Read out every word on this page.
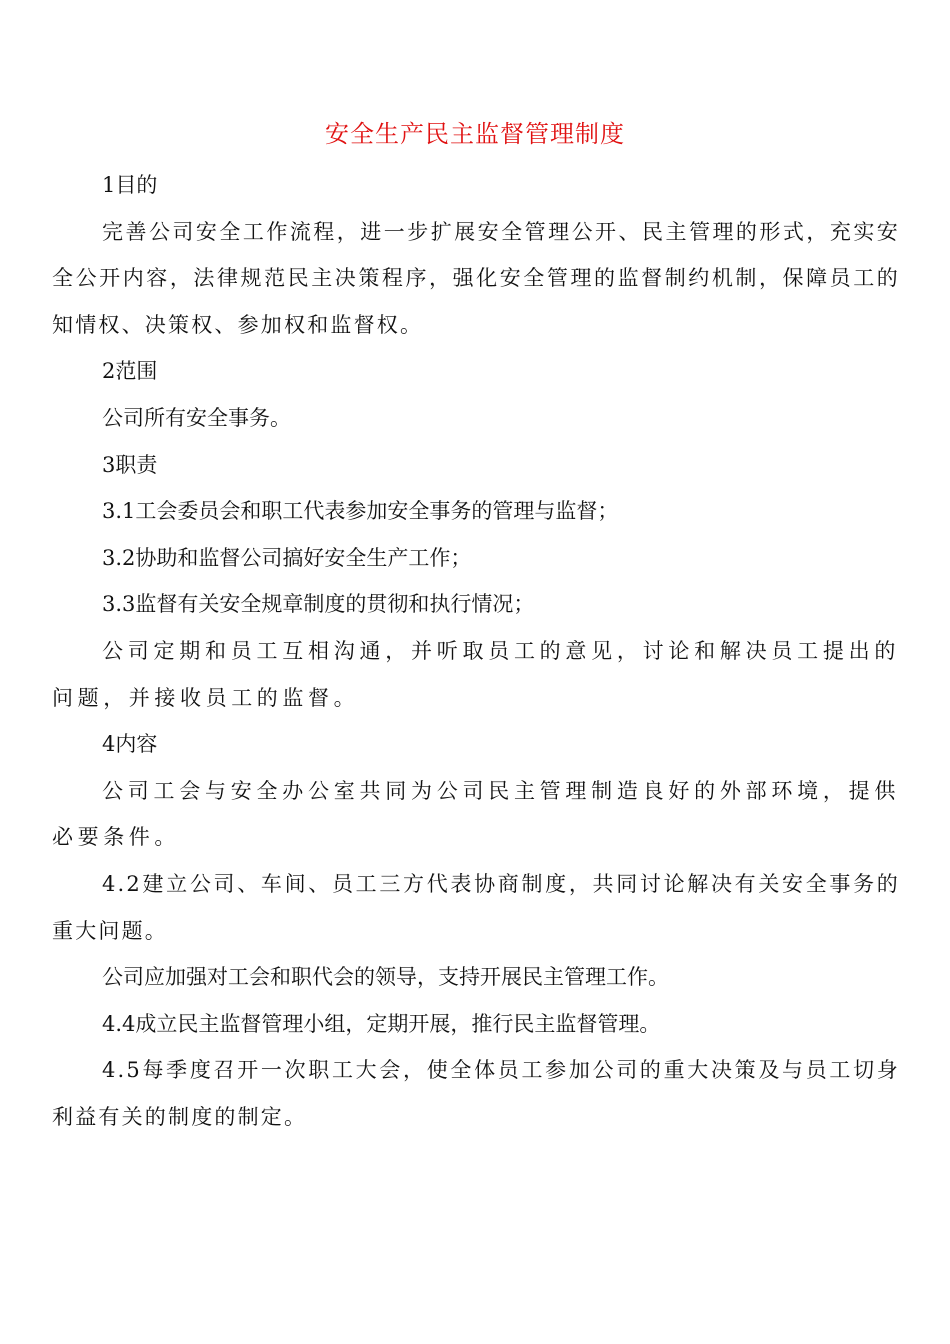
安全生产民主监督管理制度

1目的

完善公司安全工作流程，进一步扩展安全管理公开、民主管理的形式，充实安全公开内容，法律规范民主决策程序，强化安全管理的监督制约机制，保障员工的知情权、决策权、参加权和监督权。

2范围

公司所有安全事务。

3职责

3.1工会委员会和职工代表参加安全事务的管理与监督；

3.2协助和监督公司搞好安全生产工作；

3.3监督有关安全规章制度的贯彻和执行情况；

公司定期和员工互相沟通，并听取员工的意见，讨论和解决员工提出的问题，并接收员工的监督。

4内容

公司工会与安全办公室共同为公司民主管理制造良好的外部环境，提供必要条件。

4.2建立公司、车间、员工三方代表协商制度，共同讨论解决有关安全事务的重大问题。

公司应加强对工会和职代会的领导，支持开展民主管理工作。

4.4成立民主监督管理小组，定期开展，推行民主监督管理。

4.5每季度召开一次职工大会，使全体员工参加公司的重大决策及与员工切身利益有关的制度的制定。
